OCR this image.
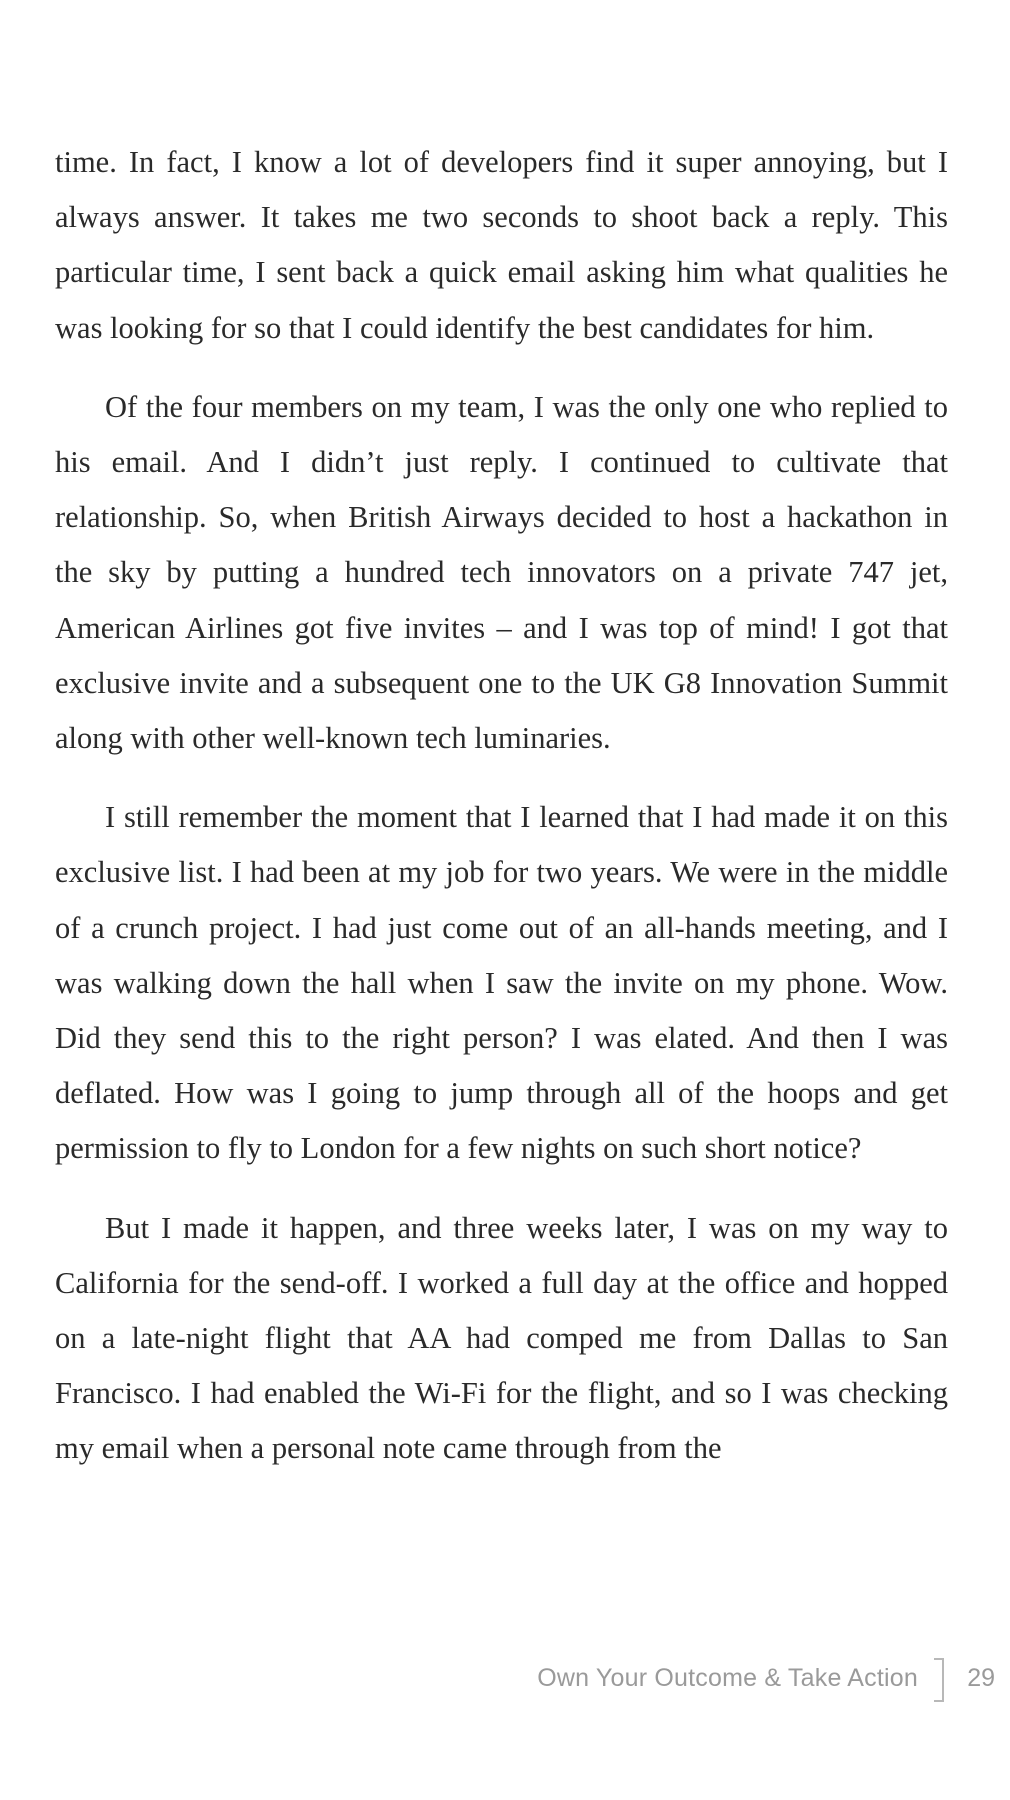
time. In fact, I know a lot of developers find it super annoying, but I always answer. It takes me two seconds to shoot back a reply. This particular time, I sent back a quick email asking him what qualities he was looking for so that I could identify the best candidates for him.

Of the four members on my team, I was the only one who replied to his email. And I didn’t just reply. I continued to cultivate that relationship. So, when British Airways decided to host a hackathon in the sky by putting a hundred tech innovators on a private 747 jet, American Airlines got five invites – and I was top of mind! I got that exclusive invite and a subsequent one to the UK G8 Innovation Summit along with other well-known tech luminaries.

I still remember the moment that I learned that I had made it on this exclusive list. I had been at my job for two years. We were in the middle of a crunch project. I had just come out of an all-hands meeting, and I was walking down the hall when I saw the invite on my phone. Wow. Did they send this to the right person? I was elated. And then I was deflated. How was I going to jump through all of the hoops and get permission to fly to London for a few nights on such short notice?

But I made it happen, and three weeks later, I was on my way to California for the send-off. I worked a full day at the office and hopped on a late-night flight that AA had comped me from Dallas to San Francisco. I had enabled the Wi-Fi for the flight, and so I was checking my email when a personal note came through from the

Own Your Outcome & Take Action 29
